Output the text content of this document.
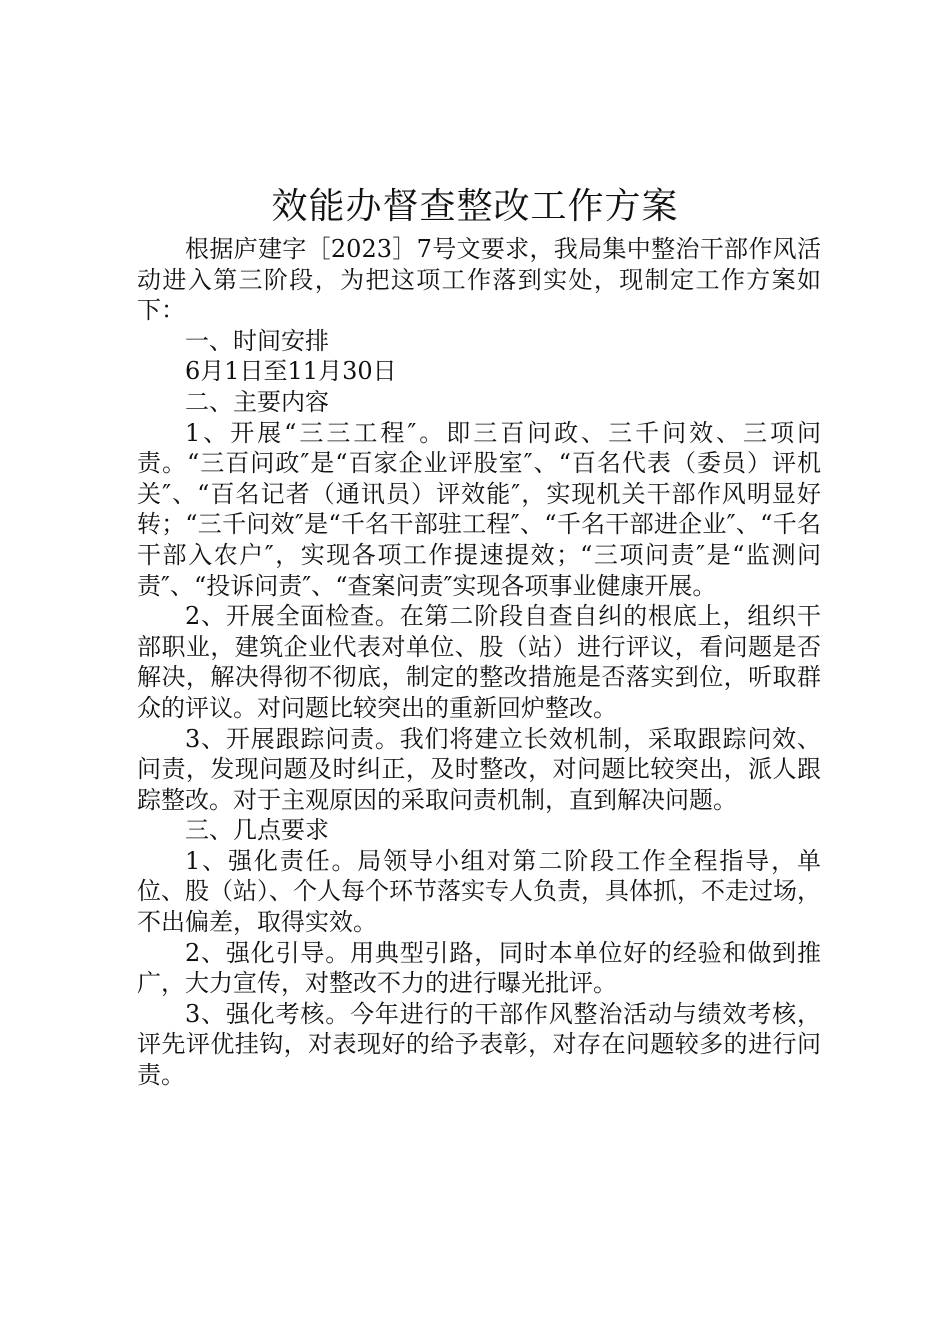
效能办督查整改工作方案

根据庐建字［2023］7号文要求，我局集中整治干部作风活动进入第三阶段，为把这项工作落到实处，现制定工作方案如下：

一、时间安排

6月1日至11月30日

二、主要内容

1、开展“三三工程″。即三百问政、三千问效、三项问责。“三百问政″是“百家企业评股室″、“百名代表（委员）评机关″、“百名记者（通讯员）评效能″，实现机关干部作风明显好转；“三千问效″是“千名干部驻工程″、“千名干部进企业″、“千名干部入农户″，实现各项工作提速提效；“三项问责″是“监测问责″、“投诉问责″、“查案问责″实现各项事业健康开展。

2、开展全面检查。在第二阶段自查自纠的根底上，组织干部职业，建筑企业代表对单位、股（站）进行评议，看问题是否解决，解决得彻不彻底，制定的整改措施是否落实到位，听取群众的评议。对问题比较突出的重新回炉整改。

3、开展跟踪问责。我们将建立长效机制，采取跟踪问效、问责，发现问题及时纠正，及时整改，对问题比较突出，派人跟踪整改。对于主观原因的采取问责机制，直到解决问题。

三、几点要求

1、强化责任。局领导小组对第二阶段工作全程指导，单位、股（站）、个人每个环节落实专人负责，具体抓，不走过场，不出偏差，取得实效。

2、强化引导。用典型引路，同时本单位好的经验和做到推广，大力宣传，对整改不力的进行曝光批评。

3、强化考核。今年进行的干部作风整治活动与绩效考核，评先评优挂钩，对表现好的给予表彰，对存在问题较多的进行问责。
